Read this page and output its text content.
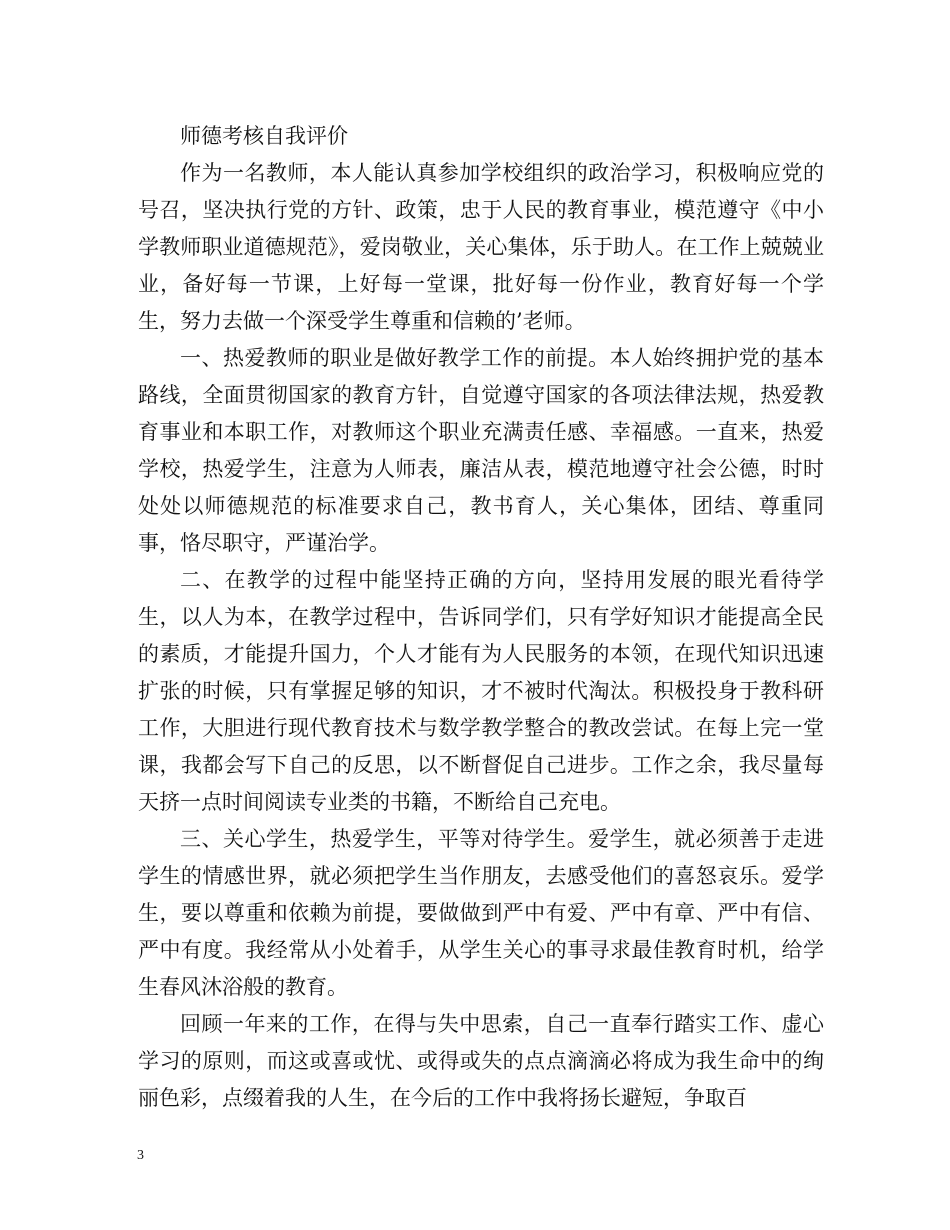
师德考核自我评价

作为一名教师，本人能认真参加学校组织的政治学习，积极响应党的号召，坚决执行党的方针、政策，忠于人民的教育事业，模范遵守《中小学教师职业道德规范》，爱岗敬业，关心集体，乐于助人。在工作上兢兢业业，备好每一节课，上好每一堂课，批好每一份作业，教育好每一个学生，努力去做一个深受学生尊重和信赖的’老师。

一、热爱教师的职业是做好教学工作的前提。本人始终拥护党的基本路线，全面贯彻国家的教育方针，自觉遵守国家的各项法律法规，热爱教育事业和本职工作，对教师这个职业充满责任感、幸福感。一直来，热爱学校，热爱学生，注意为人师表，廉洁从表，模范地遵守社会公德，时时处处以师德规范的标准要求自己，教书育人，关心集体，团结、尊重同事，恪尽职守，严谨治学。

二、在教学的过程中能坚持正确的方向，坚持用发展的眼光看待学生，以人为本，在教学过程中，告诉同学们，只有学好知识才能提高全民的素质，才能提升国力，个人才能有为人民服务的本领，在现代知识迅速扩张的时候，只有掌握足够的知识，才不被时代淘汰。积极投身于教科研工作，大胆进行现代教育技术与数学教学整合的教改尝试。在每上完一堂课，我都会写下自己的反思，以不断督促自己进步。工作之余，我尽量每天挤一点时间阅读专业类的书籍，不断给自己充电。

三、关心学生，热爱学生，平等对待学生。爱学生，就必须善于走进学生的情感世界，就必须把学生当作朋友，去感受他们的喜怒哀乐。爱学生，要以尊重和依赖为前提，要做做到严中有爱、严中有章、严中有信、严中有度。我经常从小处着手，从学生关心的事寻求最佳教育时机，给学生春风沐浴般的教育。

回顾一年来的工作，在得与失中思索，自己一直奉行踏实工作、虚心学习的原则，而这或喜或忧、或得或失的点点滴滴必将成为我生命中的绚丽色彩，点缀着我的人生，在今后的工作中我将扬长避短，争取百

3
